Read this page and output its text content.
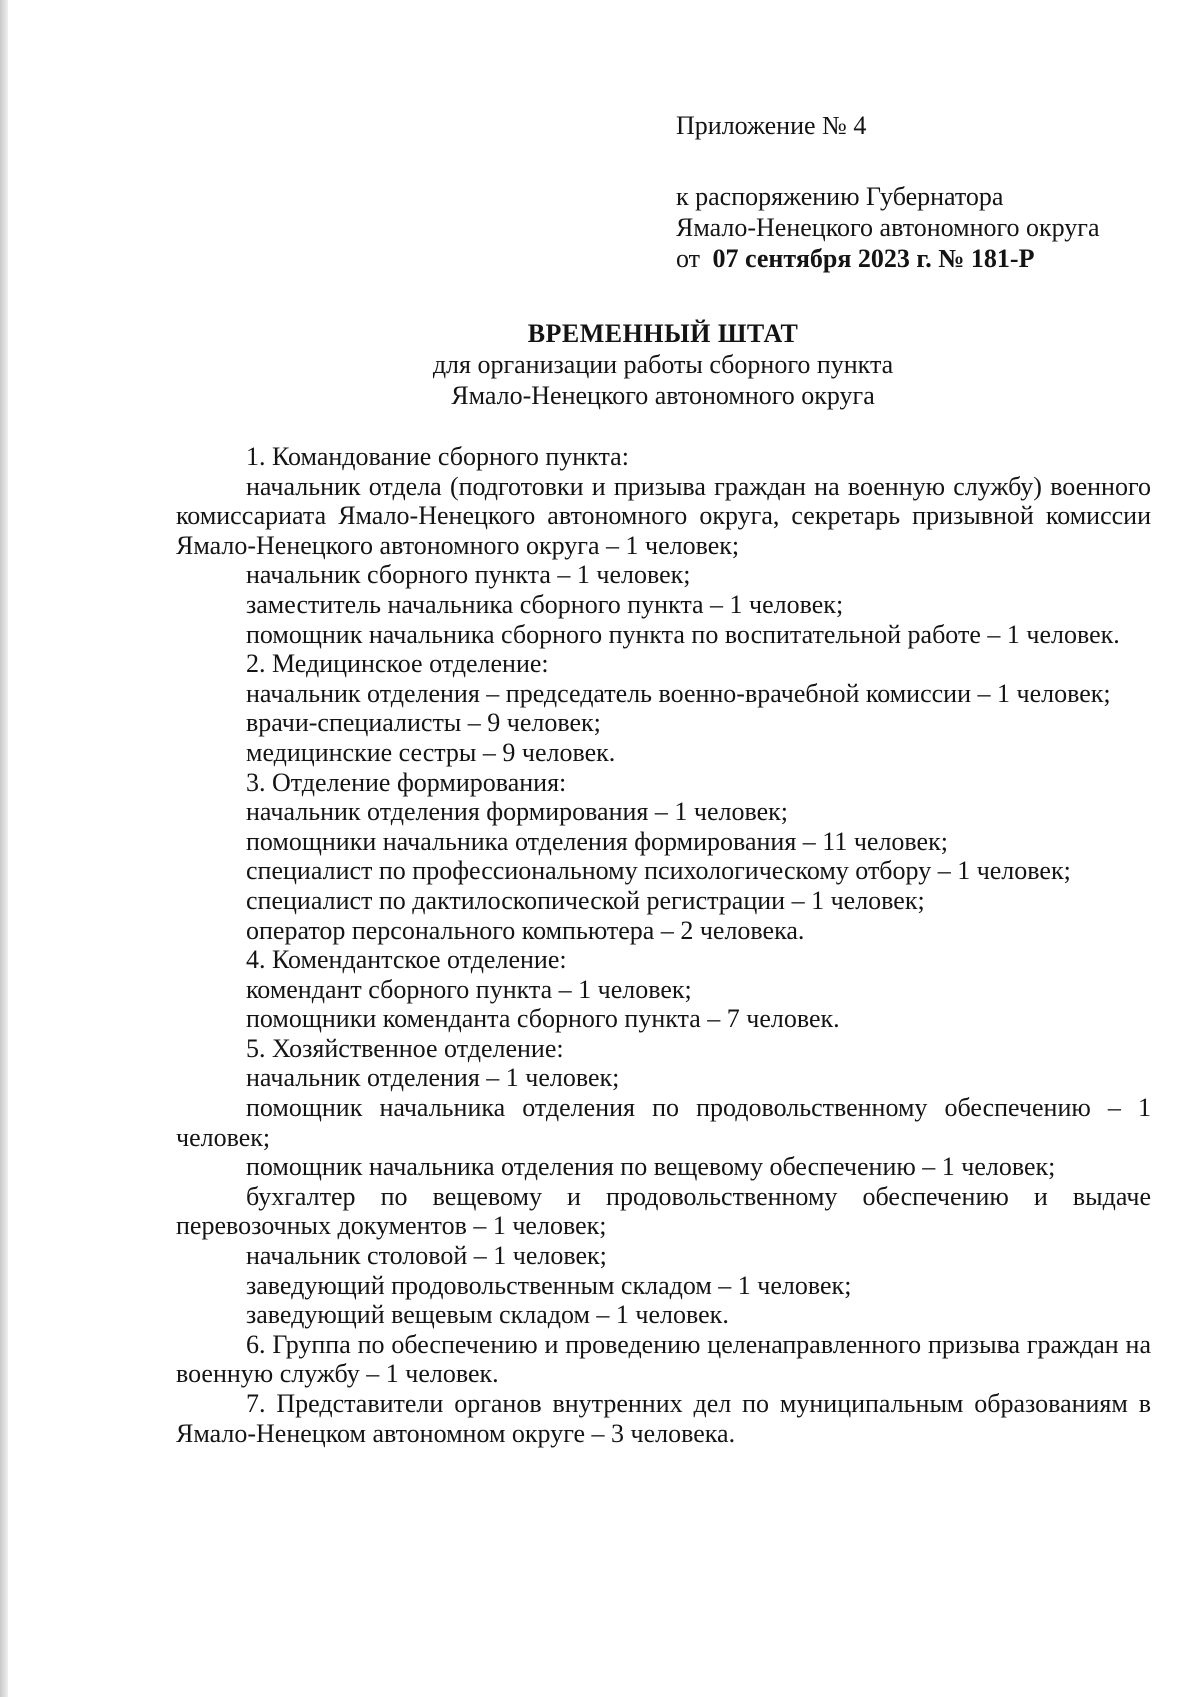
Приложение № 4
к распоряжению Губернатора
Ямало-Ненецкого автономного округа
от 07 сентября 2023 г. № 181-Р
ВРЕМЕННЫЙ ШТАТ
для организации работы сборного пункта
Ямало-Ненецкого автономного округа

1. Командование сборного пункта:

начальник отдела (подготовки и призыва граждан на военную службу) военного комиссариата Ямало-Ненецкого автономного округа, секретарь призывной комиссии Ямало-Ненецкого автономного округа – 1 человек;

начальник сборного пункта – 1 человек;

заместитель начальника сборного пункта – 1 человек;

помощник начальника сборного пункта по воспитательной работе – 1 человек.

2. Медицинское отделение:

начальник отделения – председатель военно-врачебной комиссии – 1 человек;

врачи-специалисты – 9 человек;

медицинские сестры – 9 человек.

3. Отделение формирования:

начальник отделения формирования – 1 человек;

помощники начальника отделения формирования – 11 человек;

специалист по профессиональному психологическому отбору – 1 человек;

специалист по дактилоскопической регистрации – 1 человек;

оператор персонального компьютера – 2 человека.

4. Комендантское отделение:

комендант сборного пункта – 1 человек;

помощники коменданта сборного пункта – 7 человек.

5. Хозяйственное отделение:

начальник отделения – 1 человек;

помощник начальника отделения по продовольственному обеспечению – 1 человек;

помощник начальника отделения по вещевому обеспечению – 1 человек;

бухгалтер по вещевому и продовольственному обеспечению и выдаче перевозочных документов – 1 человек;

начальник столовой – 1 человек;

заведующий продовольственным складом – 1 человек;

заведующий вещевым складом – 1 человек.

6. Группа по обеспечению и проведению целенаправленного призыва граждан на военную службу – 1 человек.

7. Представители органов внутренних дел по муниципальным образованиям в Ямало-Ненецком автономном округе – 3 человека.
